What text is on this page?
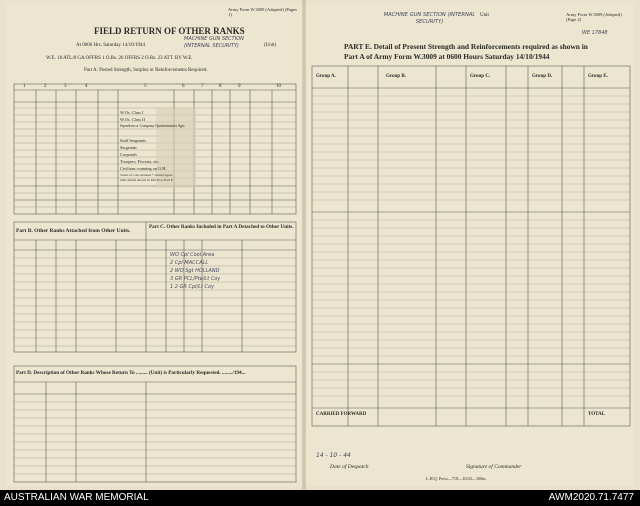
Army Form W.3009 (Adapted) (Pages 1)
FIELD RETURN OF OTHER RANKS
At 0600 Hrs. Saturday 14/10/1944
MACHINE GUN SECTION (INTERNAL SECURITY)	(Unit)
W.E. 18 ATL/8 GA OFFRS 1 O.Rs. 26 OFFRS 2 O.Rs. 23 ATT. BY W.E.
Part A. Posted Strength, Surplus or Reinforcements Required.
1	2	3	4	5	6	7	8	9	10
W.Os. Class I
W.Os. Class II
Squadron or Company Quartermaster Sgts.
Staff Sergeants
Sergeants
Corporals
Troopers, Privates, etc.
Civilians counting on G.H.
Totals of cols. marked * should agree with details shown in Part B or Part E
Part B. Other Ranks Attached from Other Units.
Part C. Other Ranks Included in Part A Detached to Other Units.
WO Cpl Cool Area
2 Cpl MACCALL
2 WO Sgt HOLLAND
3 GR PCL/Pte/Lt Coy
1 2 GR Cpl/Lt Coy
Part D. Description of Other Ranks Whose Return To ......... (Unit) is Particularly Requested. ......../194...
Army Form W.3009 (Adapted) (Page 2)
MACHINE GUN SECTION (INTERNAL SECURITY)
Unit
WE 17848
PART E. Detail of Present Strength and Reinforcements required as shown in
Part A of Army Form W.3009 at 0600 Hours Saturday 14/10/1944
Group A.	Group B.	Group C.	Group D.	Group E.
CARRIED FORWARD	TOTAL
14 - 10 - 44
Date of Despatch	Signature of Commander
L.H.Q. Press—718—10/43—100m.
AUSTRALIAN WAR MEMORIAL	AWM2020.71.7477
